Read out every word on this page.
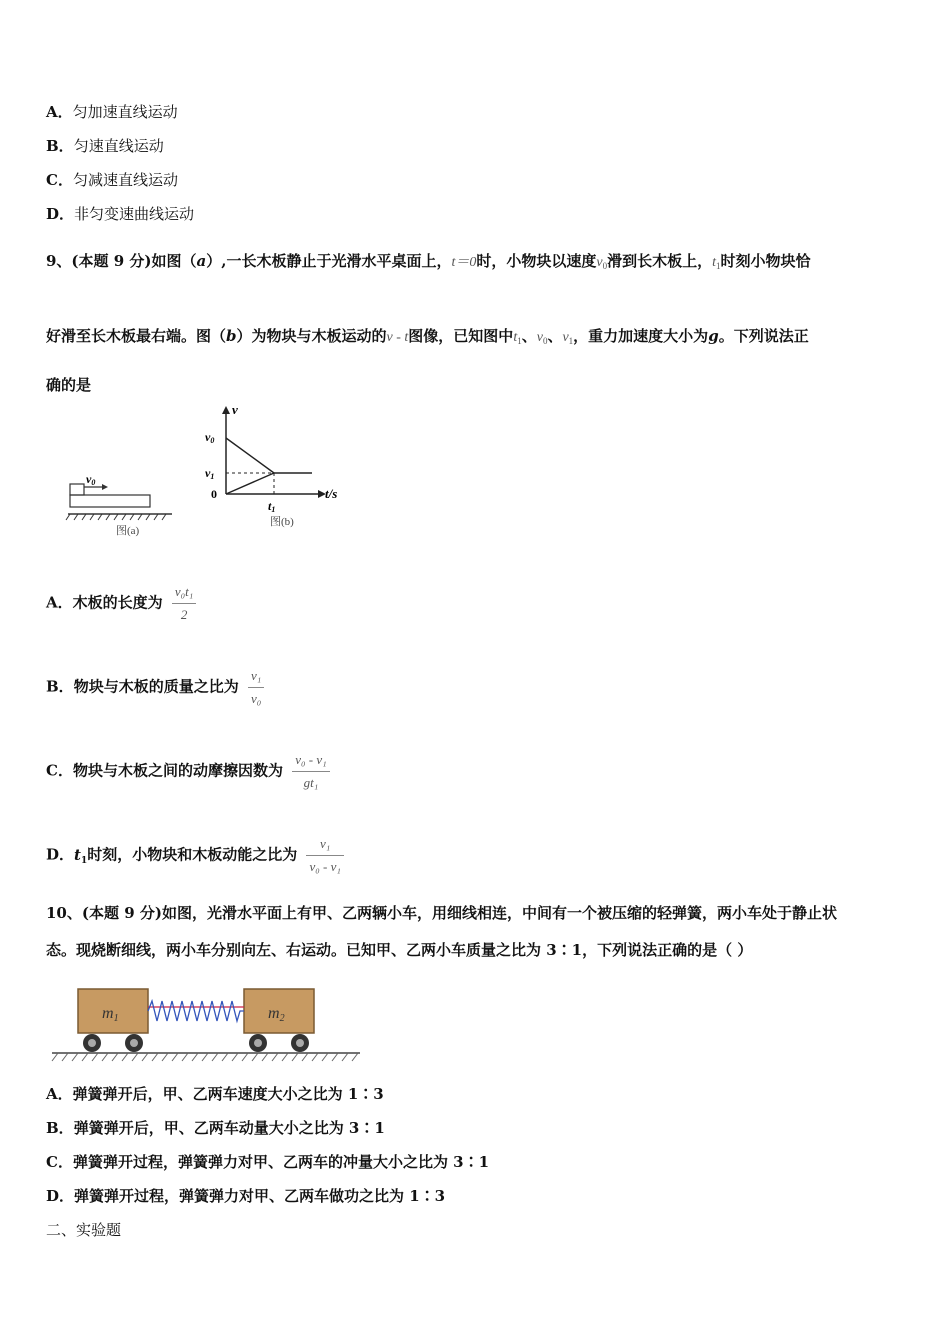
A．匀加速直线运动
B．匀速直线运动
C．匀减速直线运动
D．非匀变速曲线运动
9、(本题 9 分)如图（a）,一长木板静止于光滑水平桌面上，t＝0时，小物块以速度$v_0$滑到长木板上，$t_1$时刻小物块恰
好滑至长木板最右端。图（b）为物块与木板运动的v - t图像，已知图中$t_1$、$v_0$、$v_1$，重力加速度大小为g。下列说法正
确的是
v0
图(a)
v
v0
v1
0
t1
t/s
图(b)
A．木板的长度为 $\frac{\text{v₀t₁}}{2}$
B．物块与木板的质量之比为 $\frac{\text{v₁}}{\text{v₀}}$
C．物块与木板之间的动摩擦因数为 $\frac{\text{v₀ - v₁}}{\text{gt₁}}$
D．$t_1$时刻，小物块和木板动能之比为 $\frac{\text{v₁}}{\text{v₀ - v₁}}$
10、(本题 9 分)如图，光滑水平面上有甲、乙两辆小车，用细线相连，中间有一个被压缩的轻弹簧，两小车处于静止状
态。现烧断细线，两小车分别向左、右运动。已知甲、乙两小车质量之比为 3∶1，下列说法正确的是（ ）
m1	m2
A．弹簧弹开后，甲、乙两车速度大小之比为 1∶3
B．弹簧弹开后，甲、乙两车动量大小之比为 3∶1
C．弹簧弹开过程，弹簧弹力对甲、乙两车的冲量大小之比为 3∶1
D．弹簧弹开过程，弹簧弹力对甲、乙两车做功之比为 1∶3
二、实验题
